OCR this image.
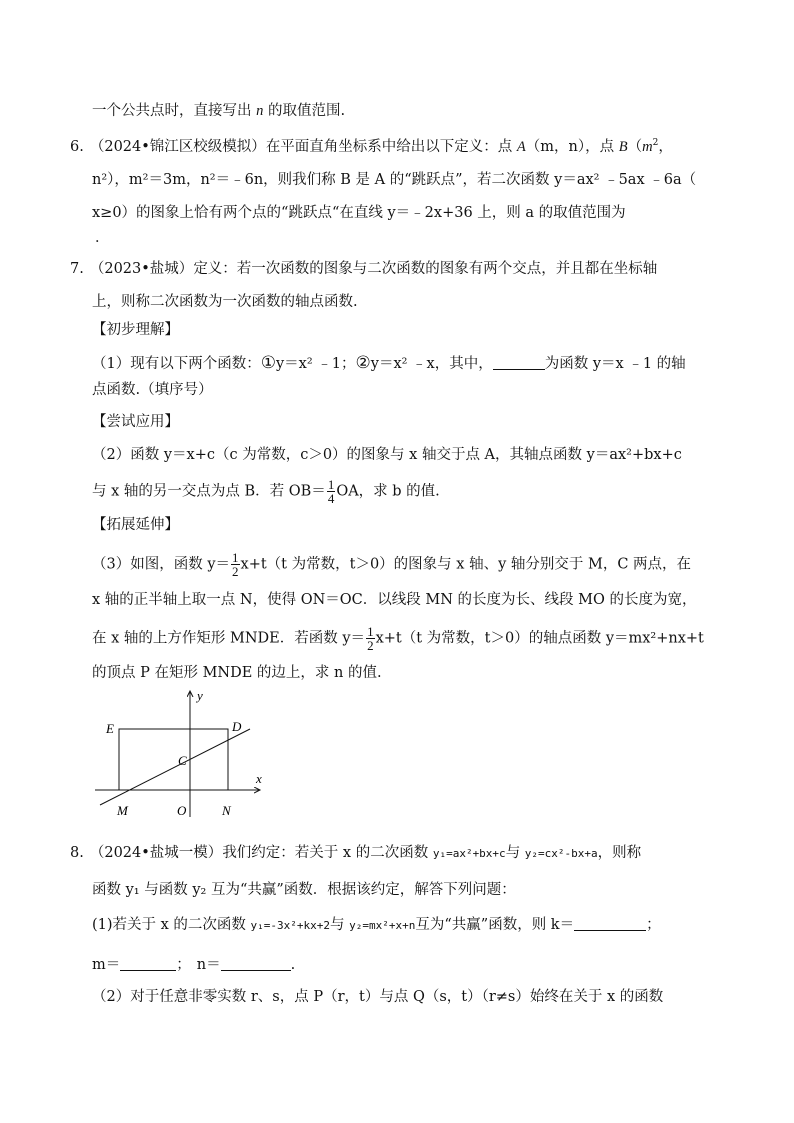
一个公共点时，直接写出 n 的取值范围.
6. （2024•锦江区校级模拟）在平面直角坐标系中给出以下定义：点 A（m，n），点 $B(m^2$，
n²），m²＝3m，n²＝﹣6n，则我们称 B 是 A 的“跳跃点”，若二次函数 y＝ax² ﹣5ax ﹣6a（
x≥0）的图象上恰有两个点的“跳跃点“在直线 y＝﹣2x+36 上，则 a 的取值范围为
．
7. （2023•盐城）定义：若一次函数的图象与二次函数的图象有两个交点，并且都在坐标轴
上，则称二次函数为一次函数的轴点函数.
【初步理解】
（1）现有以下两个函数：①y＝x² ﹣1；②y＝x² ﹣x，其中，	为函数 y＝x ﹣1 的轴
点函数.（填序号）
【尝试应用】
（2）函数 y＝x+c（c 为常数，c＞0）的图象与 x 轴交于点 A，其轴点函数 y＝ax²+bx+c
与 x 轴的另一交点为点 B．若 $OB= \frac{1}{4}$ OA，求 b 的值.
【拓展延伸】
（3）如图，函数 $y= \frac{1}{2} x+t(t$ 为常数，t＞0）的图象与 x 轴、y 轴分别交于 M，C 两点，在
x 轴的正半轴上取一点 N，使得 ON＝OC．以线段 MN 的长度为长、线段 MO 的长度为宽，
在 x 轴的上方作矩形 MNDE．若函数 $y= \frac{1}{2} x+t(t$ 为常数，t＞0）的轴点函数 y＝mx²+nx+t
的顶点 P 在矩形 MNDE 的边上，求 n 的值.
E	D
C
M	O	N
x
y
8. （2024•盐城一模）我们约定：若关于 x 的二次函数 y₁=ax²+bx+c与 y₂=cx²-bx+a，则称
函数 y₁ 与函数 y₂ 互为“共赢”函数．根据该约定，解答下列问题：
(1)若关于 x 的二次函数 y₁=-3x²+kx+2与 y₂=mx²+x+n互为“共赢”函数，则 k＝	；
m＝	； n＝	.
（2）对于任意非零实数 r、s，点 P（r，t）与点 Q（s，t）（r≠s）始终在关于 x 的函数
